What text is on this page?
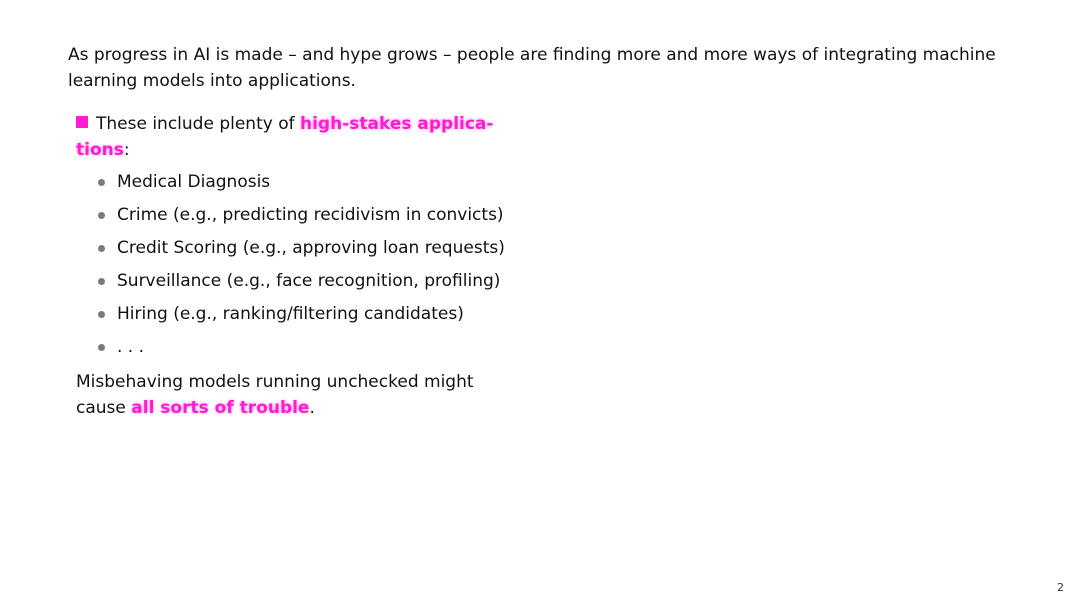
As progress in AI is made – and hype grows – people are finding more and more ways of integrating machine learning models into applications.

These include plenty of high-stakes applica-tions:

Medical Diagnosis
Crime (e.g., predicting recidivism in convicts)
Credit Scoring (e.g., approving loan requests)
Surveillance (e.g., face recognition, profiling)
Hiring (e.g., ranking/filtering candidates)
. . .

Misbehaving models running unchecked might cause all sorts of trouble.

2
